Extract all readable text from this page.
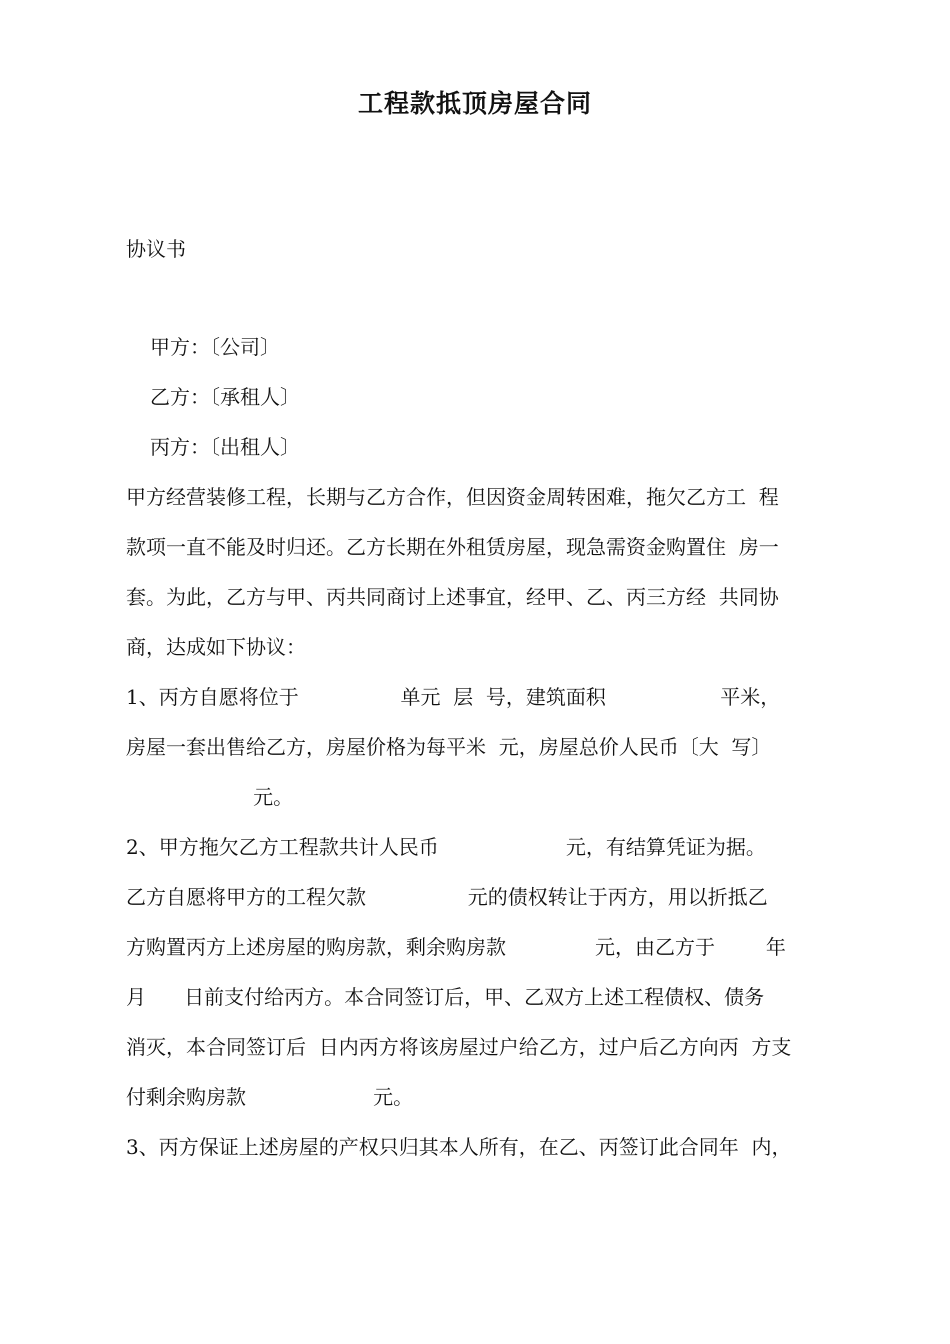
工程款抵顶房屋合同
协议书
甲方：〔公司〕
乙方：〔承租人〕
丙方：〔出租人〕
甲方经营装修工程，长期与乙方合作，但因资金周转困难，拖欠乙方工  程
款项一直不能及时归还。乙方长期在外租赁房屋，现急需资金购置住  房一
套。为此，乙方与甲、丙共同商讨上述事宜，经甲、乙、丙三方经  共同协
商，达成如下协议：
1、丙方自愿将位于                单元  层  号，建筑面积                  平米，
房屋一套出售给乙方，房屋价格为每平米  元，房屋总价人民币〔大  写〕
元。
2、甲方拖欠乙方工程款共计人民币                    元，有结算凭证为据。
乙方自愿将甲方的工程欠款                元的债权转让于丙方，用以折抵乙
方购置丙方上述房屋的购房款，剩余购房款              元，由乙方于        年
月      日前支付给丙方。本合同签订后，甲、乙双方上述工程债权、债务
消灭，本合同签订后  日内丙方将该房屋过户给乙方，过户后乙方向丙  方支
付剩余购房款                    元。
3、丙方保证上述房屋的产权只归其本人所有，在乙、丙签订此合同年  内，
